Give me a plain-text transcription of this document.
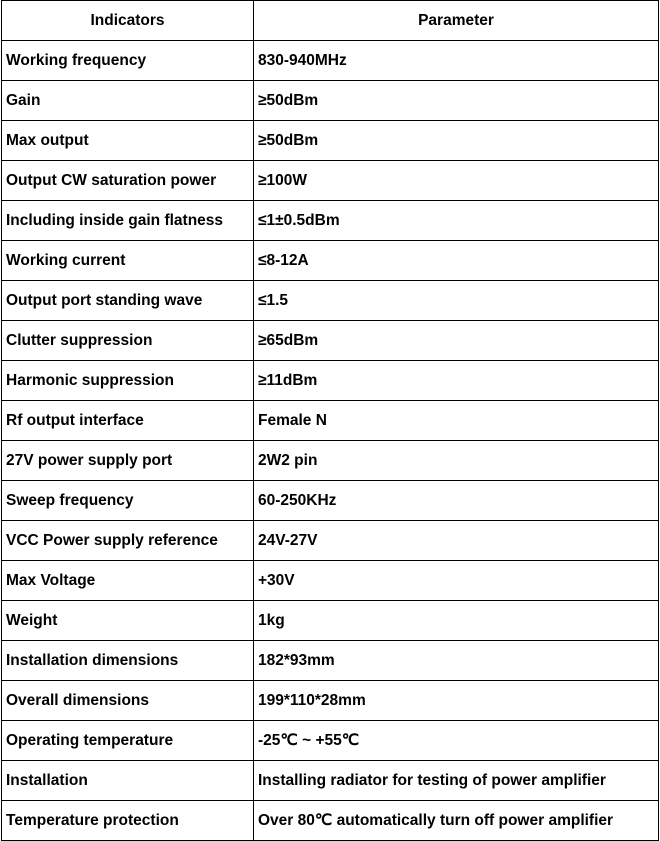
Indicators	Parameter
Working frequency	830-940MHz
Gain	≥50dBm
Max output	≥50dBm
Output CW saturation power	≥100W
Including inside gain flatness	≤1±0.5dBm
Working current	≤8-12A
Output port standing wave	≤1.5
Clutter suppression	≥65dBm
Harmonic suppression	≥11dBm
Rf output interface	Female N
27V power supply port	2W2 pin
Sweep frequency	60-250KHz
VCC Power supply reference	24V-27V
Max Voltage	+30V
Weight	1kg
Installation dimensions	182*93mm
Overall dimensions	199*110*28mm
Operating temperature	-25℃ ~ +55℃
Installation	Installing radiator for testing of power amplifier
Temperature protection	Over 80℃ automatically turn off power amplifier
